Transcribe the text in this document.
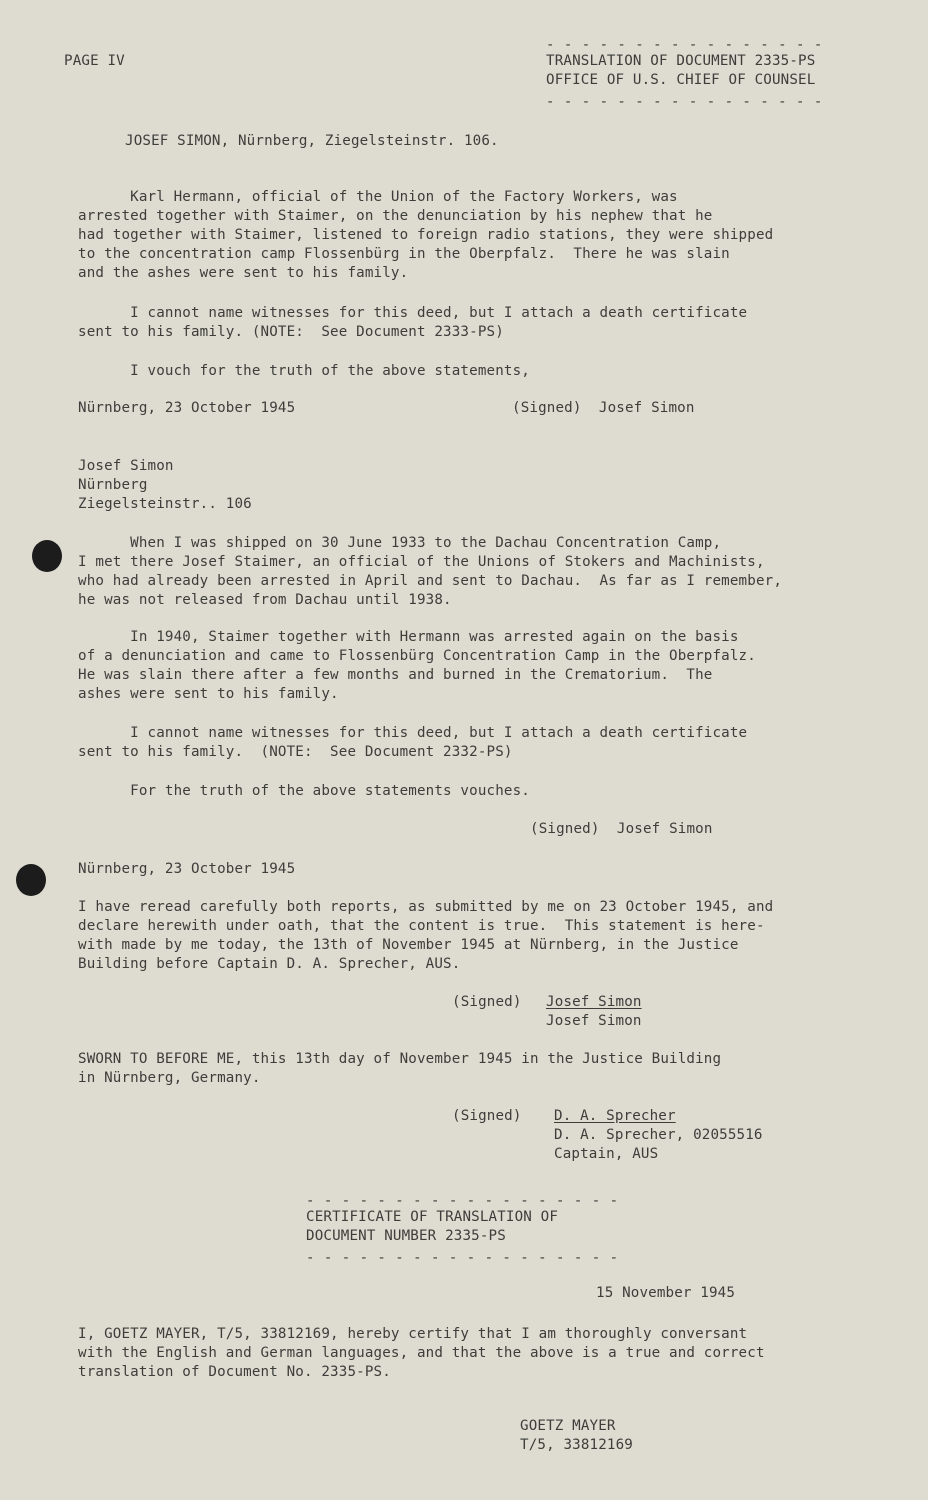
PAGE IV
- - - - - - - - - - - - - - - -
TRANSLATION OF DOCUMENT 2335-PS
OFFICE OF U.S. CHIEF OF COUNSEL
- - - - - - - - - - - - - - - -
JOSEF SIMON, Nürnberg, Ziegelsteinstr. 106.
Karl Hermann, official of the Union of the Factory Workers, was
arrested together with Staimer, on the denunciation by his nephew that he
had together with Staimer, listened to foreign radio stations, they were shipped
to the concentration camp Flossenbürg in the Oberpfalz.  There he was slain
and the ashes were sent to his family.
I cannot name witnesses for this deed, but I attach a death certificate
sent to his family. (NOTE:  See Document 2333-PS)
I vouch for the truth of the above statements,
Nürnberg, 23 October 1945	(Signed)  Josef Simon
Josef Simon
Nürnberg
Ziegelsteinstr.. 106
When I was shipped on 30 June 1933 to the Dachau Concentration Camp,
I met there Josef Staimer, an official of the Unions of Stokers and Machinists,
who had already been arrested in April and sent to Dachau.  As far as I remember,
he was not released from Dachau until 1938.
In 1940, Staimer together with Hermann was arrested again on the basis
of a denunciation and came to Flossenbürg Concentration Camp in the Oberpfalz.
He was slain there after a few months and burned in the Crematorium.  The
ashes were sent to his family.
I cannot name witnesses for this deed, but I attach a death certificate
sent to his family.  (NOTE:  See Document 2332-PS)
For the truth of the above statements vouches.
(Signed)  Josef Simon
Nürnberg, 23 October 1945
I have reread carefully both reports, as submitted by me on 23 October 1945, and
declare herewith under oath, that the content is true.  This statement is here-
with made by me today, the 13th of November 1945 at Nürnberg, in the Justice
Building before Captain D. A. Sprecher, AUS.
(Signed) Josef Simon
Josef Simon
SWORN TO BEFORE ME, this 13th day of November 1945 in the Justice Building
in Nürnberg, Germany.
(Signed) D. A. Sprecher
D. A. Sprecher, 02055516
Captain, AUS
- - - - - - - - - - - - - - - - - -
CERTIFICATE OF TRANSLATION OF
DOCUMENT NUMBER 2335-PS
- - - - - - - - - - - - - - - - - -
15 November 1945
I, GOETZ MAYER, T/5, 33812169, hereby certify that I am thoroughly conversant
with the English and German languages, and that the above is a true and correct
translation of Document No. 2335-PS.
GOETZ MAYER
T/5, 33812169
